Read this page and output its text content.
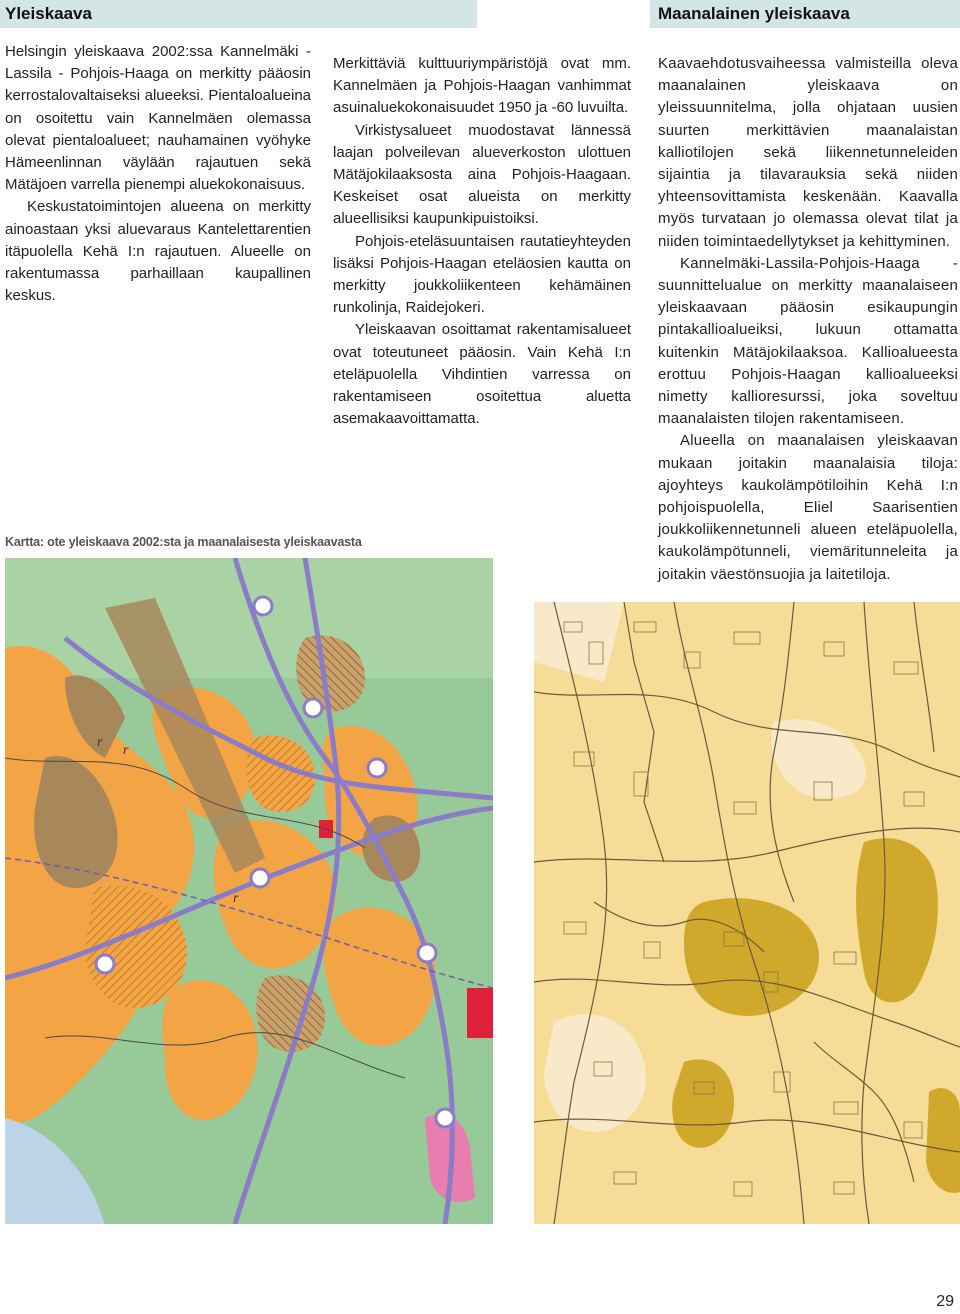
Yleiskaava	Maanalainen yleiskaava

Helsingin yleiskaava 2002:ssa Kannelmäki - Lassila - Pohjois-Haaga on merkitty pääosin kerrostalovaltaiseksi alueeksi. Pientaloalueina on osoitettu vain Kannelmäen olemassa olevat pientaloalueet; nauhamainen vyöhyke Hämeenlinnan väylään rajautuen sekä Mätäjoen varrella pienempi aluekokonaisuus.

Keskustatoimintojen alueena on merkitty ainoastaan yksi aluevaraus Kantelettarentien itäpuolella Kehä I:n rajautuen. Alueelle on rakentumassa parhaillaan kaupallinen keskus.

Merkittäviä kulttuuriympäristöjä ovat mm. Kannelmäen ja Pohjois-Haagan vanhimmat asuinaluekokonaisuudet 1950 ja -60 luvuilta.

Virkistysalueet muodostavat lännessä laajan polveilevan alueverkoston ulottuen Mätäjokilaaksosta aina Pohjois-Haagaan. Keskeiset osat alueista on merkitty alueellisiksi kaupunkipuistoiksi.

Pohjois-eteläsuuntaisen rautatieyhteyden lisäksi Pohjois-Haagan eteläosien kautta on merkitty joukkoliikenteen kehämäinen runkolinja, Raidejokeri.

Yleiskaavan osoittamat rakentamisalueet ovat toteutuneet pääosin. Vain Kehä I:n eteläpuolella Vihdintien varressa on rakentamiseen osoitettua aluetta asemakaavoittamatta.

Kaavaehdotusvaiheessa valmisteilla oleva maanalainen yleiskaava on yleissuunnitelma, jolla ohjataan uusien suurten merkittävien maanalaistan kalliotilojen sekä liikennetunneleiden sijaintia ja tilavarauksia sekä niiden yhteensovittamista keskenään. Kaavalla myös turvataan jo olemassa olevat tilat ja niiden toimintaedellytykset ja kehittyminen.

Kannelmäki-Lassila-Pohjois-Haaga -suunnittelualue on merkitty maanalaiseen yleiskaavaan pääosin esikaupungin pintakallioalueiksi, lukuun ottamatta kuitenkin Mätäjokilaaksoa. Kallioalueesta erottuu Pohjois-Haagan kallioalueeksi nimetty kallioresurssi, joka soveltuu maanalaisten tilojen rakentamiseen.

Alueella on maanalaisen yleiskaavan mukaan joitakin maanalaisia tiloja: ajoyhteys kaukolämpötiloihin Kehä I:n pohjoispuolella, Eliel Saarisentien joukkoliikennetunneli alueen eteläpuolella, kaukolämpötunneli, viemäritunneleita ja joitakin väestönsuojia ja laitetiloja.

Kartta: ote yleiskaava 2002:sta ja maanalaisesta yleiskaavasta
r
r
r
29
